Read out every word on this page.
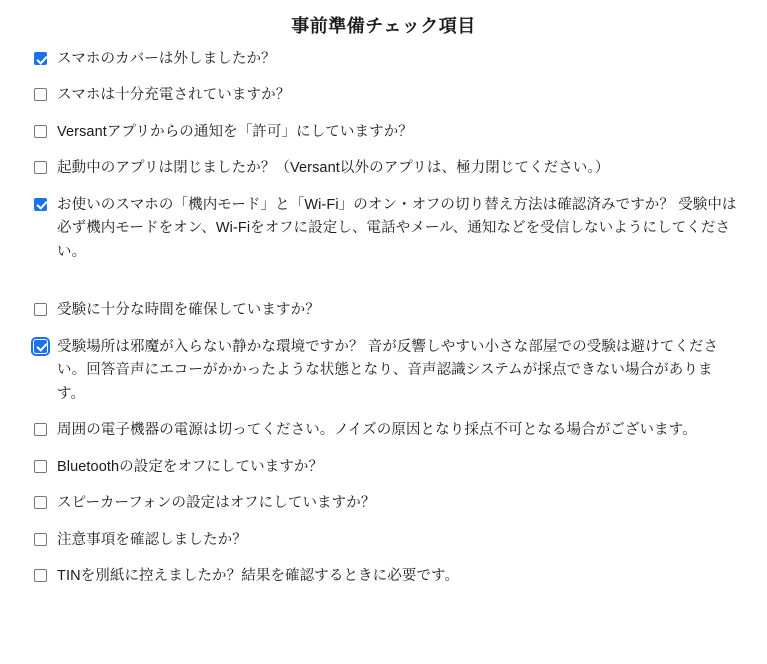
事前準備チェック項目
スマホのカバーは外しましたか？
スマホは十分充電されていますか？
Versantアプリからの通知を「許可」にしていますか？
起動中のアプリは閉じましたか？（Versant以外のアプリは、極力閉じてください。）
お使いのスマホの「機内モード」と「Wi-Fi」のオン・オフの切り替え方法は確認済みですか？ 受験中は必ず機内モードをオン、Wi-Fiをオフに設定し、電話やメール、通知などを受信しないようにしてください。
受験に十分な時間を確保していますか？
受験場所は邪魔が入らない静かな環境ですか？ 音が反響しやすい小さな部屋での受験は避けてください。回答音声にエコーがかかったような状態となり、音声認識システムが採点できない場合があります。
周囲の電子機器の電源は切ってください。ノイズの原因となり採点不可となる場合がございます。
Bluetoothの設定をオフにしていますか？
スピーカーフォンの設定はオフにしていますか？
注意事項を確認しましたか？
TINを別紙に控えましたか？結果を確認するときに必要です。
